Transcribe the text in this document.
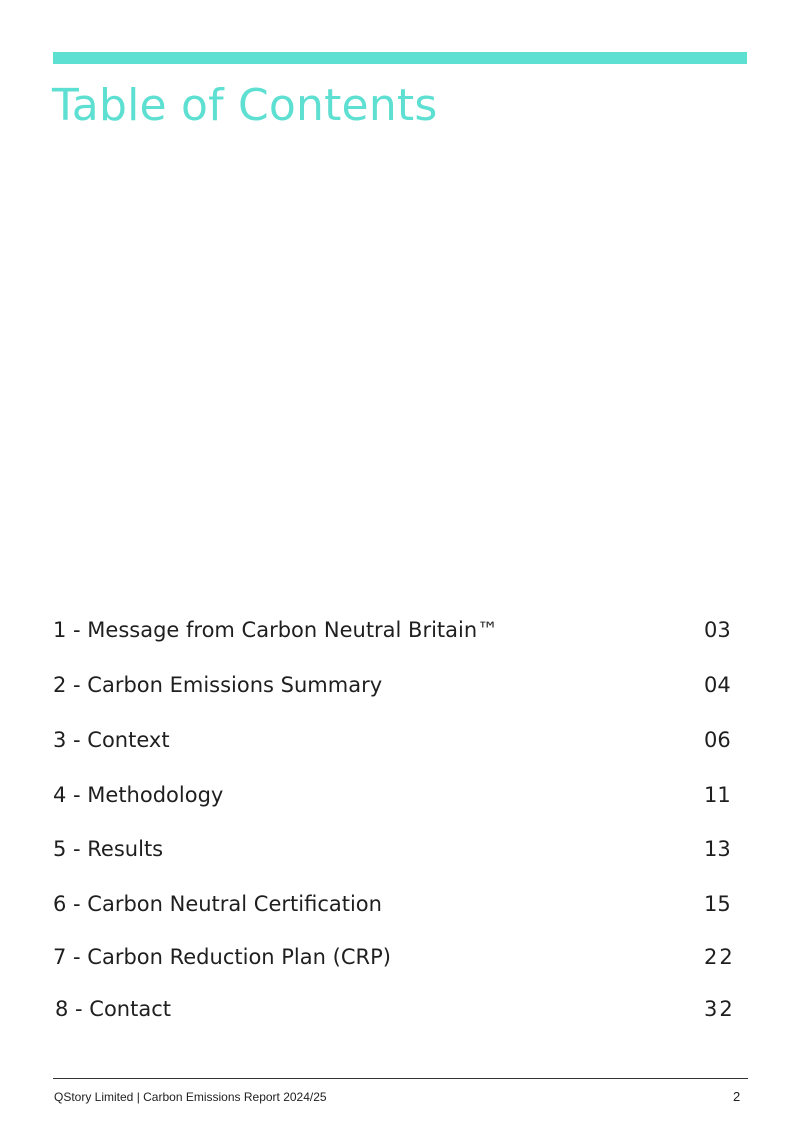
Table of Contents
1 - Message from Carbon Neutral Britain™	03
2 - Carbon Emissions Summary	04
3 - Context	06
4 - Methodology	11
5 - Results	13
6 - Carbon Neutral Certification	15
7 - Carbon Reduction Plan (CRP)	22
8 - Contact	32
QStory Limited | Carbon Emissions Report 2024/25	2
